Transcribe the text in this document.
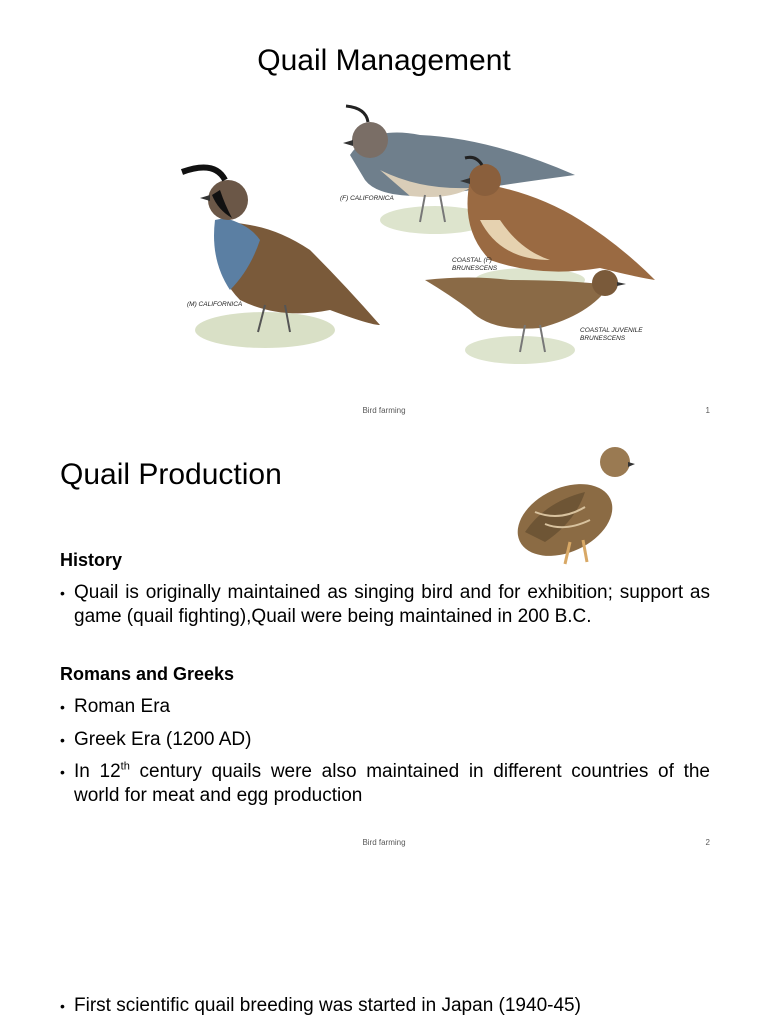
Quail Management
(F) CALIFORNICA
(M) CALIFORNICA
COASTAL (F)
BRUNESCENS
COASTAL JUVENILE
BRUNESCENS
Bird farming	1
Quail Production
History
• Quail is originally maintained as singing bird and for exhibition; support as game (quail fighting),Quail were being maintained in 200 B.C.
Romans and Greeks
• Roman Era
• Greek Era (1200 AD)
• In 12th century quails were also maintained in different countries of the world for meat and egg production
Bird farming	2
• First scientific quail breeding was started in Japan (1940-45)
